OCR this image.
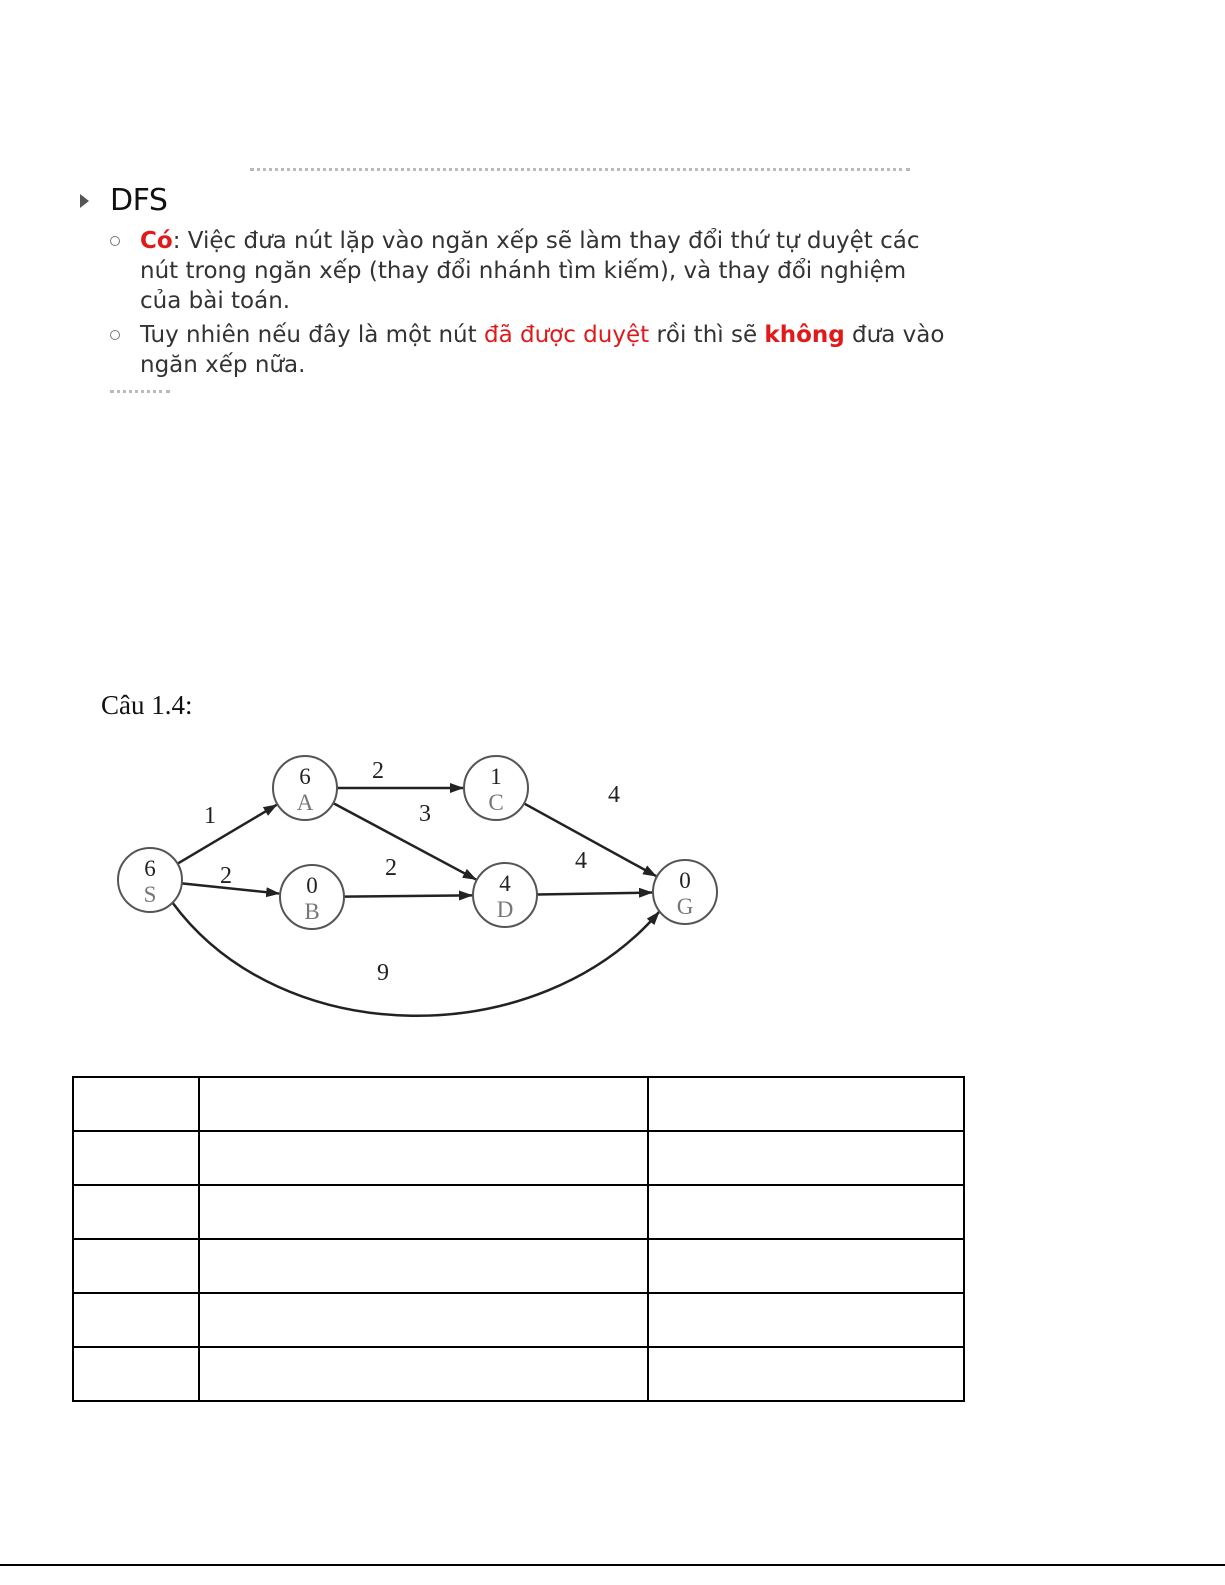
DFS
Có: Việc đưa nút lặp vào ngăn xếp sẽ làm thay đổi thứ tự duyệt các nút trong ngăn xếp (thay đổi nhánh tìm kiếm), và thay đổi nghiệm của bài toán.
Tuy nhiên nếu đây là một nút đã được duyệt rồi thì sẽ không đưa vào ngăn xếp nữa.
Câu 1.4:
6
S
6
A
0
B
1
C
4
D
0
G
1
2
9
2
3
2
4
4
